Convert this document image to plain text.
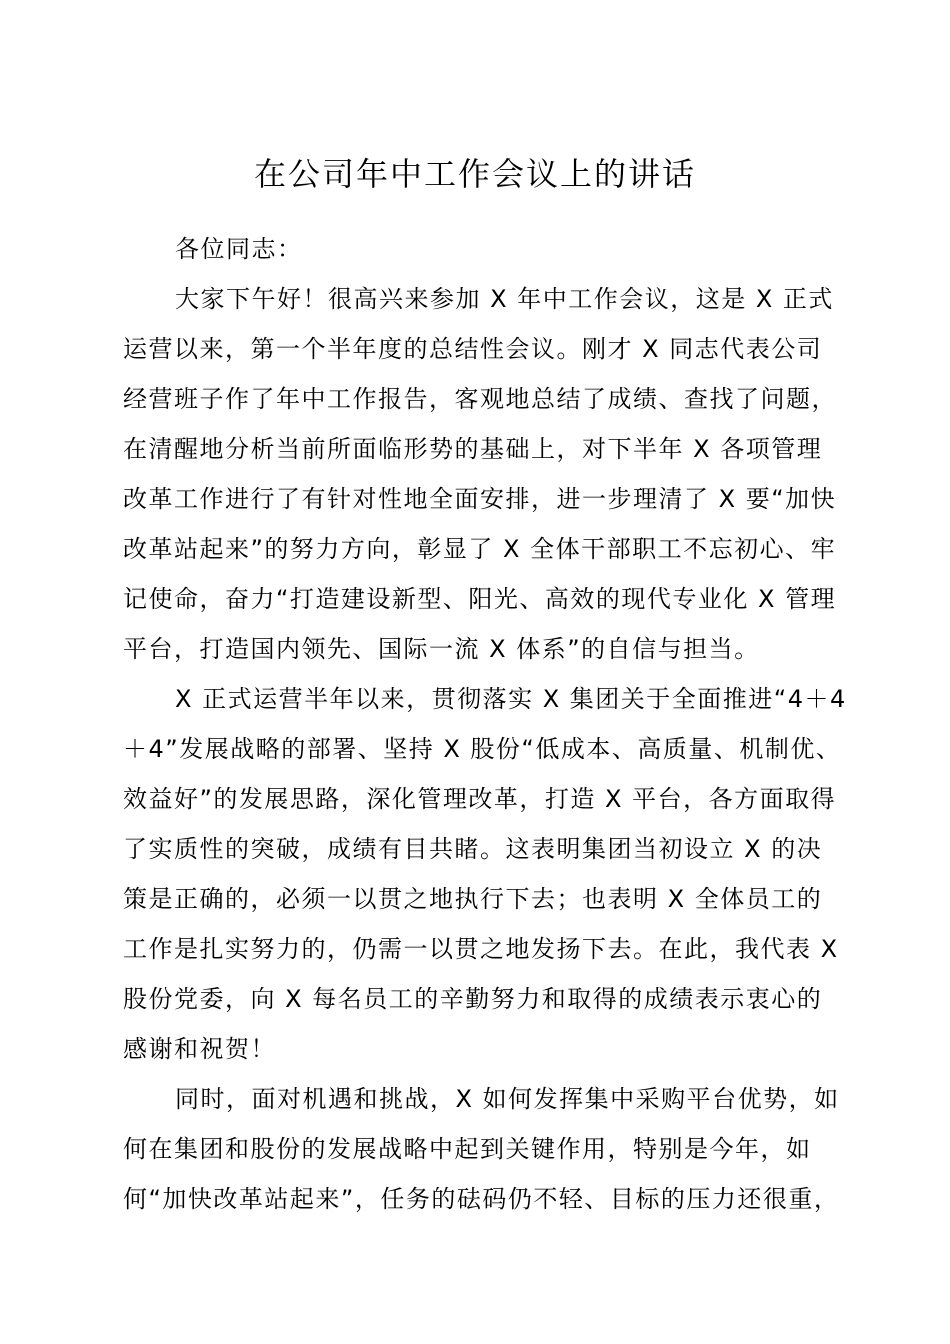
在公司年中工作会议上的讲话

各位同志：

大家下午好！很高兴来参加 X 年中工作会议，这是 X 正式

运营以来，第一个半年度的总结性会议。刚才 X 同志代表公司

经营班子作了年中工作报告，客观地总结了成绩、查找了问题，

在清醒地分析当前所面临形势的基础上，对下半年 X 各项管理

改革工作进行了有针对性地全面安排，进一步理清了 X 要“加快

改革站起来”的努力方向，彰显了 X 全体干部职工不忘初心、牢

记使命，奋力“打造建设新型、阳光、高效的现代专业化 X 管理

平台，打造国内领先、国际一流 X 体系”的自信与担当。

X 正式运营半年以来，贯彻落实 X 集团关于全面推进“4＋4

＋4”发展战略的部署、坚持 X 股份“低成本、高质量、机制优、

效益好”的发展思路，深化管理改革，打造 X 平台，各方面取得

了实质性的突破，成绩有目共睹。这表明集团当初设立 X 的决

策是正确的，必须一以贯之地执行下去；也表明 X 全体员工的

工作是扎实努力的，仍需一以贯之地发扬下去。在此，我代表 X

股份党委，向 X 每名员工的辛勤努力和取得的成绩表示衷心的

感谢和祝贺！

同时，面对机遇和挑战，X 如何发挥集中采购平台优势，如

何在集团和股份的发展战略中起到关键作用，特别是今年，如

何“加快改革站起来”，任务的砝码仍不轻、目标的压力还很重，
